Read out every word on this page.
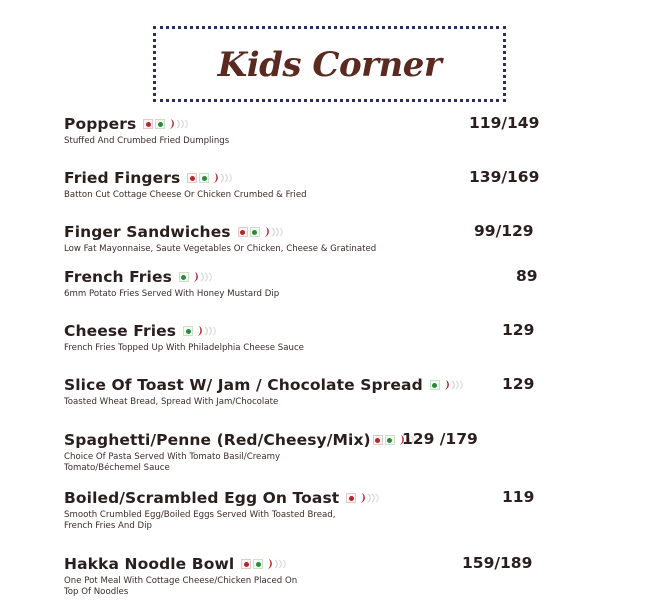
Kids Corner
Poppers	119/149
Stuffed And Crumbed Fried Dumplings
Fried Fingers	139/169
Batton Cut Cottage Cheese Or Chicken Crumbed & Fried
Finger Sandwiches	99/129
Low Fat Mayonnaise, Saute Vegetables Or Chicken, Cheese & Gratinated
French Fries	89
6mm Potato Fries Served With Honey Mustard Dip
Cheese Fries	129
French Fries Topped Up With Philadelphia Cheese Sauce
Slice Of Toast W/ Jam / Chocolate Spread	129
Toasted Wheat Bread, Spread With Jam/Chocolate
Spaghetti/Penne (Red/Cheesy/Mix) 129 /179
Choice Of Pasta Served With Tomato Basil/Creamy
Tomato/Béchemel Sauce
Boiled/Scrambled Egg On Toast	119
Smooth Crumbled Egg/Boiled Eggs Served With Toasted Bread,
French Fries And Dip
Hakka Noodle Bowl	159/189
One Pot Meal With Cottage Cheese/Chicken Placed On
Top Of Noodles
